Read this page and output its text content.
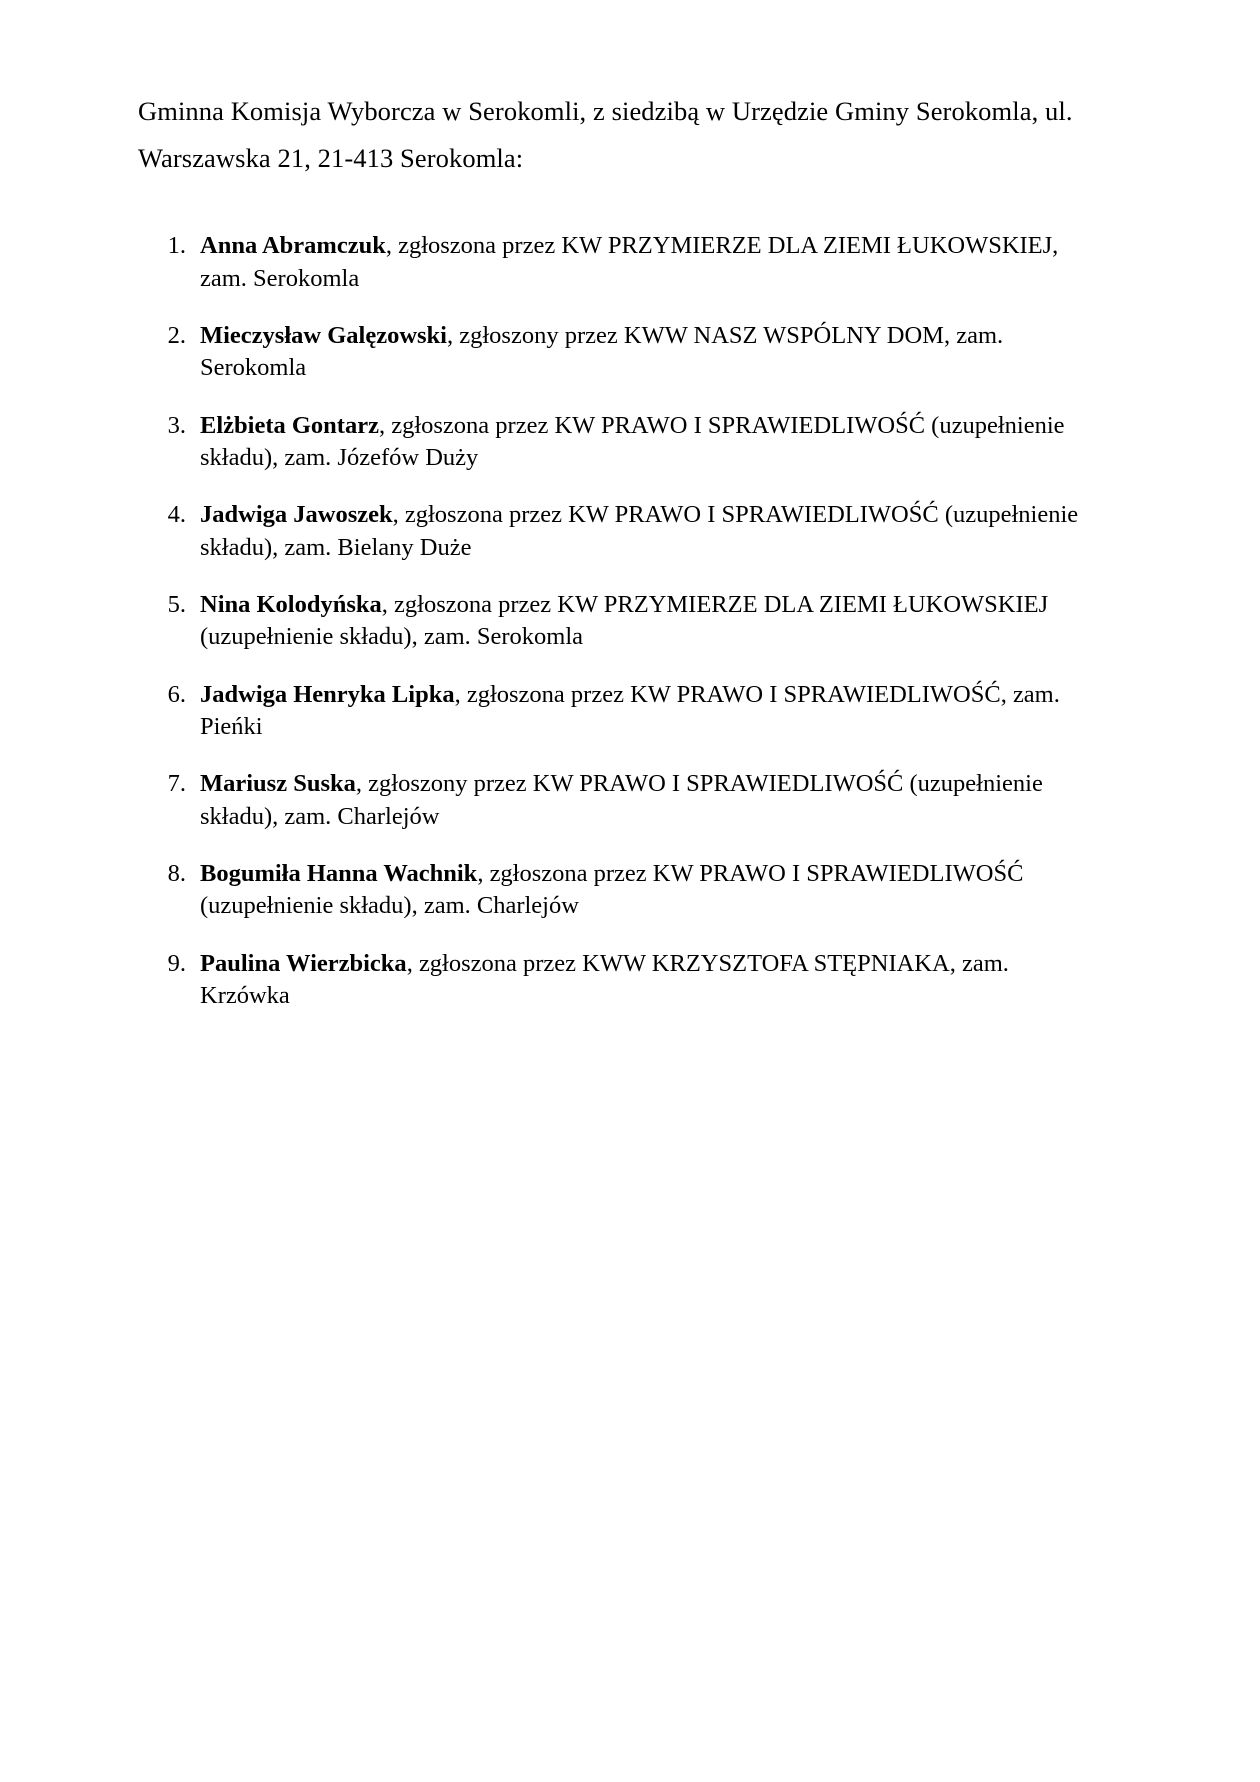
Gminna Komisja Wyborcza w Serokomli, z siedzibą w Urzędzie Gminy Serokomla, ul. Warszawska 21, 21-413 Serokomla:

1. Anna Abramczuk, zgłoszona przez KW PRZYMIERZE DLA ZIEMI ŁUKOWSKIEJ, zam. Serokomla
2. Mieczysław Galęzowski, zgłoszony przez KWW NASZ WSPÓLNY DOM, zam. Serokomla
3. Elżbieta Gontarz, zgłoszona przez KW PRAWO I SPRAWIEDLIWOŚĆ (uzupełnienie składu), zam. Józefów Duży
4. Jadwiga Jawoszek, zgłoszona przez KW PRAWO I SPRAWIEDLIWOŚĆ (uzupełnienie składu), zam. Bielany Duże
5. Nina Kolodyńska, zgłoszona przez KW PRZYMIERZE DLA ZIEMI ŁUKOWSKIEJ (uzupełnienie składu), zam. Serokomla
6. Jadwiga Henryka Lipka, zgłoszona przez KW PRAWO I SPRAWIEDLIWOŚĆ, zam. Pieńki
7. Mariusz Suska, zgłoszony przez KW PRAWO I SPRAWIEDLIWOŚĆ (uzupełnienie składu), zam. Charlejów
8. Bogumiła Hanna Wachnik, zgłoszona przez KW PRAWO I SPRAWIEDLIWOŚĆ (uzupełnienie składu), zam. Charlejów
9. Paulina Wierzbicka, zgłoszona przez KWW KRZYSZTOFA STĘPNIAKA, zam. Krzówka
